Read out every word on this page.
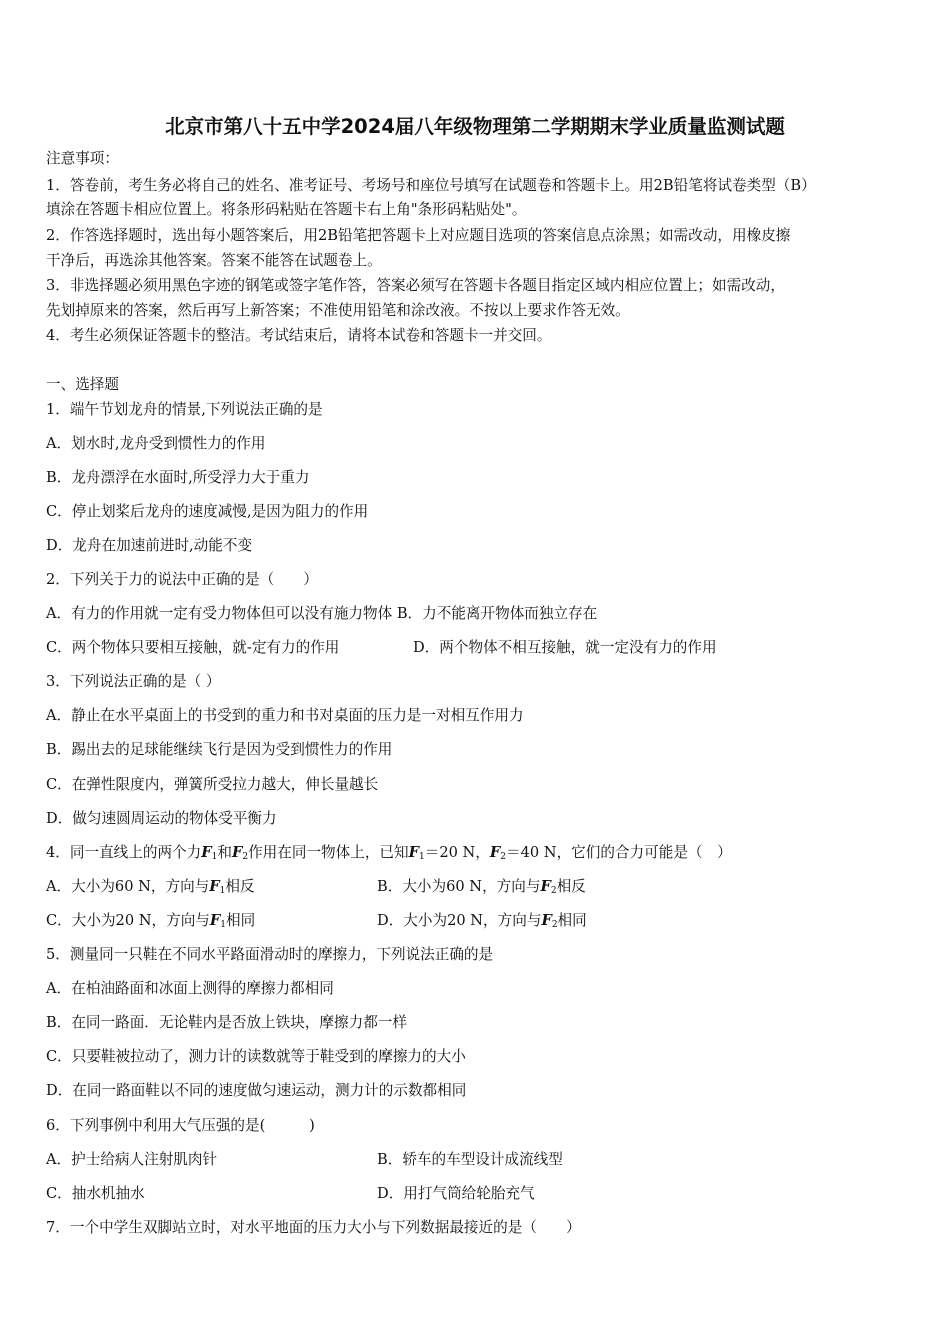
北京市第八十五中学2024届八年级物理第二学期期末学业质量监测试题
注意事项：
1．答卷前，考生务必将自己的姓名、准考证号、考场号和座位号填写在试题卷和答题卡上。用2B铅笔将试卷类型（B）
填涂在答题卡相应位置上。将条形码粘贴在答题卡右上角"条形码粘贴处"。
2．作答选择题时，选出每小题答案后，用2B铅笔把答题卡上对应题目选项的答案信息点涂黑；如需改动，用橡皮擦
干净后，再选涂其他答案。答案不能答在试题卷上。
3．非选择题必须用黑色字迹的钢笔或签字笔作答，答案必须写在答题卡各题目指定区域内相应位置上；如需改动，
先划掉原来的答案，然后再写上新答案；不准使用铅笔和涂改液。不按以上要求作答无效。
4．考生必须保证答题卡的整洁。考试结束后，请将本试卷和答题卡一并交回。
一、选择题
1．端午节划龙舟的情景,下列说法正确的是
A．划水时,龙舟受到惯性力的作用
B．龙舟漂浮在水面时,所受浮力大于重力
C．停止划桨后龙舟的速度减慢,是因为阻力的作用
D．龙舟在加速前进时,动能不变
2．下列关于力的说法中正确的是（　　）
A．有力的作用就一定有受力物体但可以没有施力物体 B．力不能离开物体而独立存在
C．两个物体只要相互接触，就-定有力的作用	D．两个物体不相互接触，就一定没有力的作用
3．下列说法正确的是（ ）
A．静止在水平桌面上的书受到的重力和书对桌面的压力是一对相互作用力
B．踢出去的足球能继续飞行是因为受到惯性力的作用
C．在弹性限度内，弹簧所受拉力越大，伸长量越长
D．做匀速圆周运动的物体受平衡力
4．同一直线上的两个力$F_1$和$F_2$作用在同一物体上，已知$F_1=20$ N，$F_2=40$ N，它们的合力可能是（　）
A．大小为60 N，方向与$F_1$相反	B．大小为60 N，方向与$F_2$相反
C．大小为20 N，方向与$F_1$相同	D．大小为20 N，方向与$F_2$相同
5．测量同一只鞋在不同水平路面滑动时的摩擦力，下列说法正确的是
A．在柏油路面和冰面上测得的摩擦力都相同
B．在同一路面．无论鞋内是否放上铁块，摩擦力都一样
C．只要鞋被拉动了，测力计的读数就等于鞋受到的摩擦力的大小
D．在同一路面鞋以不同的速度做匀速运动，测力计的示数都相同
6．下列事例中利用大气压强的是(　　　)
A．护士给病人注射肌肉针	B．轿车的车型设计成流线型
C．抽水机抽水	D．用打气筒给轮胎充气
7．一个中学生双脚站立时，对水平地面的压力大小与下列数据最接近的是（　　）
